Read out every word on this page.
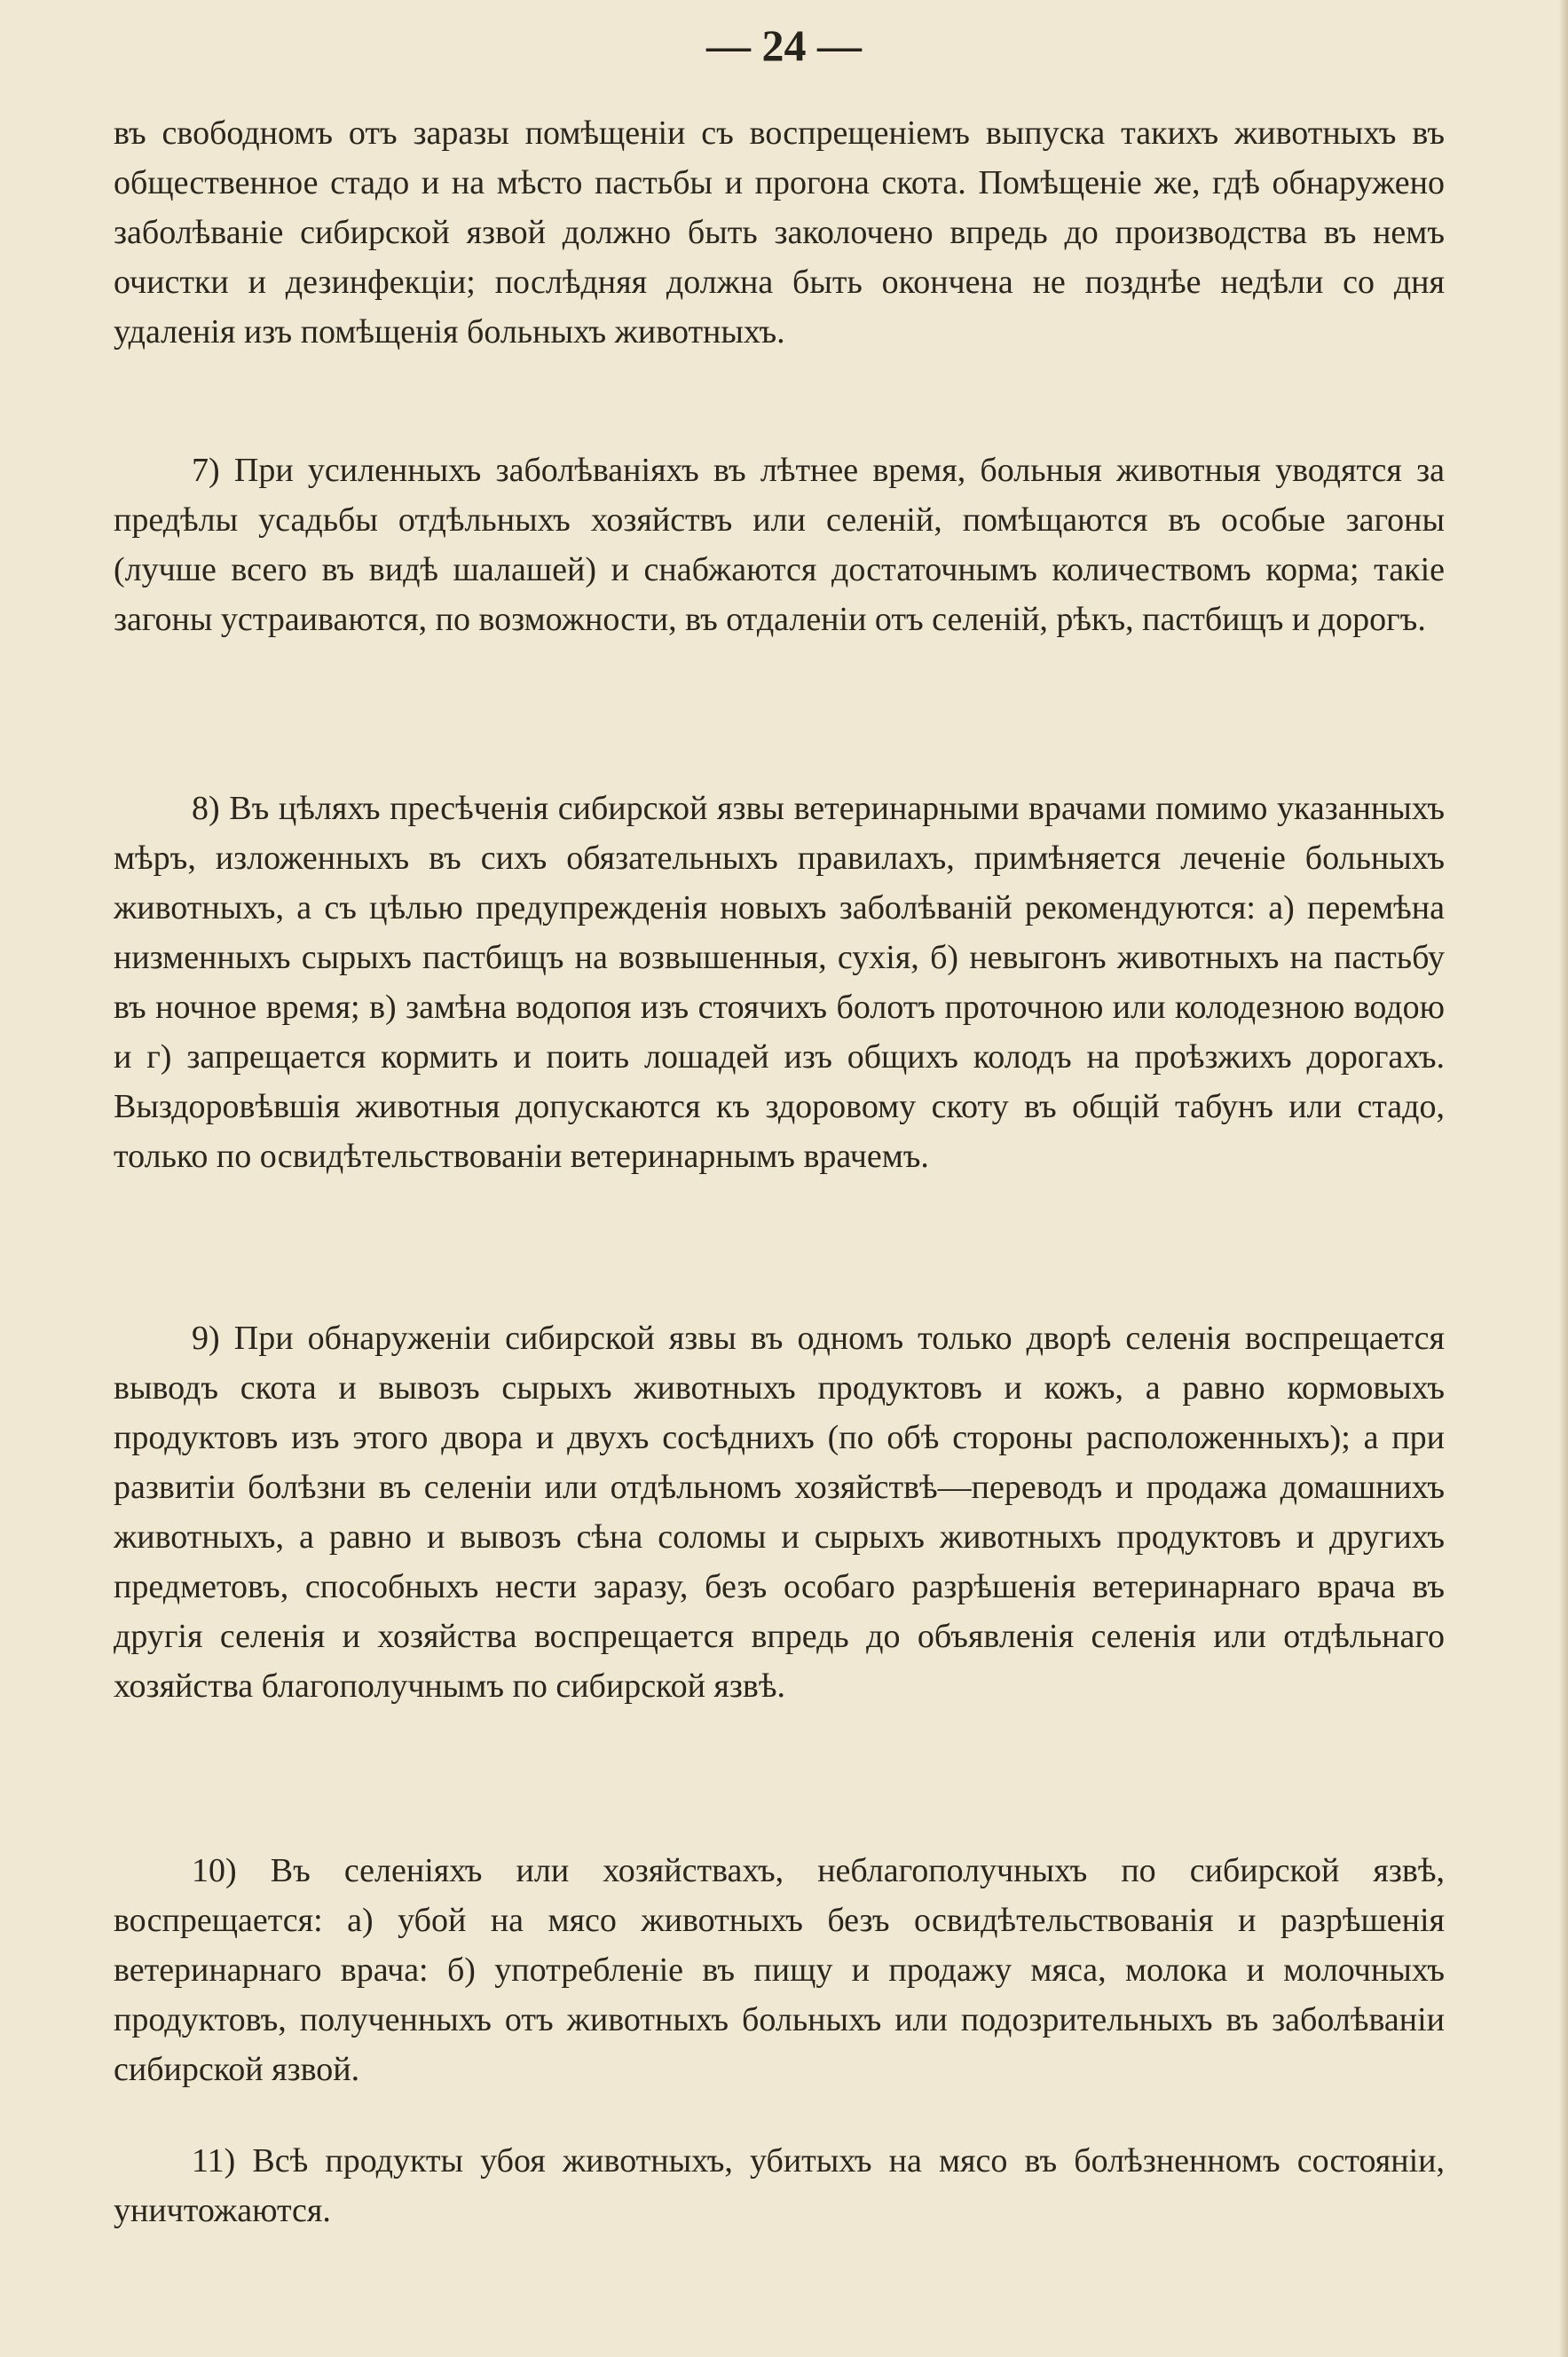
— 24 —

въ свободномъ отъ заразы помѣщеніи съ воспрещеніемъ выпуска такихъ животныхъ въ общественное стадо и на мѣсто пастьбы и прогона скота. Помѣщеніе же, гдѣ обнаружено заболѣваніе сибирской язвой должно быть заколочено впредь до производства въ немъ очистки и дезинфекціи; послѣдняя должна быть окончена не позднѣе недѣли со дня удаленія изъ помѣщенія больныхъ животныхъ.

7) При усиленныхъ заболѣваніяхъ въ лѣтнее время, больныя животныя уводятся за предѣлы усадьбы отдѣльныхъ хозяйствъ или селеній, помѣщаются въ особые загоны (лучше всего въ видѣ шалашей) и снабжаются достаточнымъ количествомъ корма; такіе загоны устраиваются, по возможности, въ отдаленіи отъ селеній, рѣкъ, пастбищъ и дорогъ.

8) Въ цѣляхъ пресѣченія сибирской язвы ветеринарными врачами помимо указанныхъ мѣръ, изложенныхъ въ сихъ обязательныхъ правилахъ, примѣняется леченіе больныхъ животныхъ, а съ цѣлью предупрежденія новыхъ заболѣваній рекомендуются: а) перемѣна низменныхъ сырыхъ пастбищъ на возвышенныя, сухія, б) невыгонъ животныхъ на пастьбу въ ночное время; в) замѣна водопоя изъ стоячихъ болотъ проточною или колодезною водою и г) запрещается кормить и поить лошадей изъ общихъ колодъ на проѣзжихъ дорогахъ. Выздоровѣвшія животныя допускаются къ здоровому скоту въ общій табунъ или стадо, только по освидѣтельствованіи ветеринарнымъ врачемъ.

9) При обнаруженіи сибирской язвы въ одномъ только дворѣ селенія воспрещается выводъ скота и вывозъ сырыхъ животныхъ продуктовъ и кожъ, а равно кормовыхъ продуктовъ изъ этого двора и двухъ сосѣднихъ (по обѣ стороны расположенныхъ); а при развитіи болѣзни въ селеніи или отдѣльномъ хозяйствѣ—переводъ и продажа домашнихъ животныхъ, а равно и вывозъ сѣна соломы и сырыхъ животныхъ продуктовъ и другихъ предметовъ, способныхъ нести заразу, безъ особаго разрѣшенія ветеринарнаго врача въ другія селенія и хозяйства воспрещается впредь до объявленія селенія или отдѣльнаго хозяйства благополучнымъ по сибирской язвѣ.

10) Въ селеніяхъ или хозяйствахъ, неблагополучныхъ по сибирской язвѣ, воспрещается: а) убой на мясо животныхъ безъ освидѣтельствованія и разрѣшенія ветеринарнаго врача: б) употребленіе въ пищу и продажу мяса, молока и молочныхъ продуктовъ, полученныхъ отъ животныхъ больныхъ или подозрительныхъ въ заболѣваніи сибирской язвой.

11) Всѣ продукты убоя животныхъ, убитыхъ на мясо въ болѣзненномъ состояніи, уничтожаются.
